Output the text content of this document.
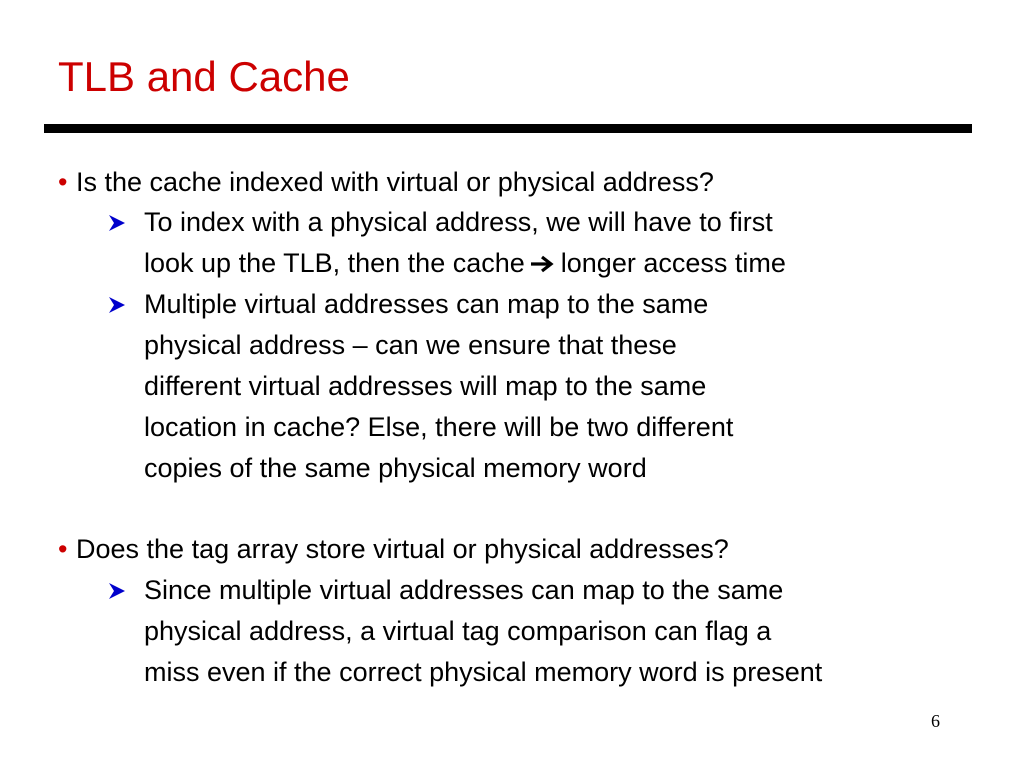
TLB and Cache
• Is the cache indexed with virtual or physical address?
To index with a physical address, we will have to first
look up the TLB, then the cache longer access time
Multiple virtual addresses can map to the same
physical address – can we ensure that these
different virtual addresses will map to the same
location in cache? Else, there will be two different
copies of the same physical memory word
• Does the tag array store virtual or physical addresses?
Since multiple virtual addresses can map to the same
physical address, a virtual tag comparison can flag a
miss even if the correct physical memory word is present
6
